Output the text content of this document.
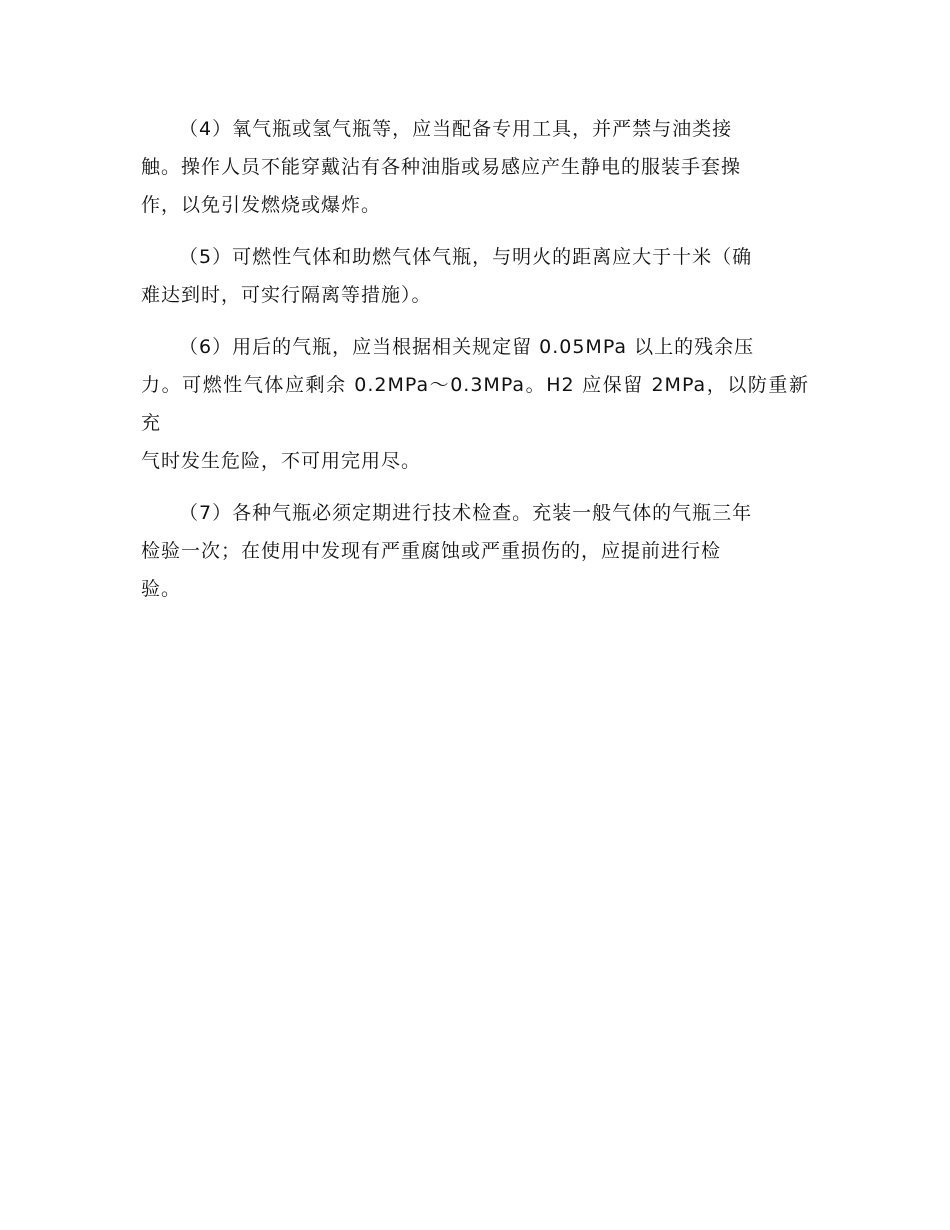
（4）氧气瓶或氢气瓶等，应当配备专用工具，并严禁与油类接
触。操作人员不能穿戴沾有各种油脂或易感应产生静电的服装手套操
作，以免引发燃烧或爆炸。

（5）可燃性气体和助燃气体气瓶，与明火的距离应大于十米（确
难达到时，可实行隔离等措施）。

（6）用后的气瓶，应当根据相关规定留 0.05MPa 以上的残余压
力。可燃性气体应剩余 0.2MPa～0.3MPa。H2 应保留 2MPa，以防重新充
气时发生危险，不可用完用尽。

（7）各种气瓶必须定期进行技术检查。充装一般气体的气瓶三年
检验一次；在使用中发现有严重腐蚀或严重损伤的，应提前进行检
验。
